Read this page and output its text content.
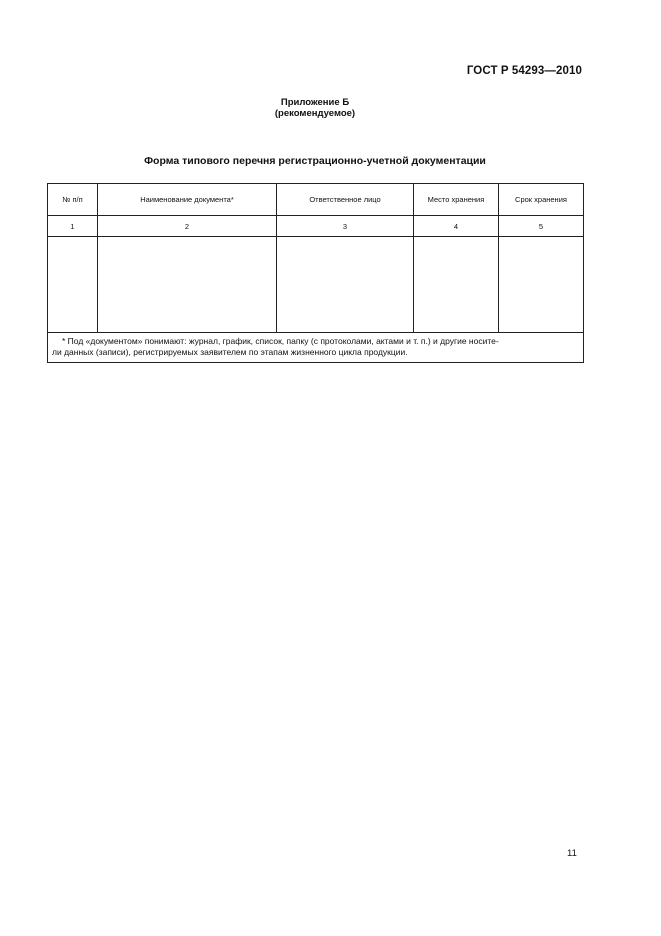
ГОСТ Р 54293—2010
Приложение Б
(рекомендуемое)
Форма типового перечня регистрационно-учетной документации
№ п/п	Наименование документа*	Ответственное лицо	Место хранения	Срок хранения
1	2	3	4	5

* Под «документом» понимают: журнал, график, список, папку (с протоколами, актами и т. п.) и другие носите-
ли данных (записи), регистрируемых заявителем по этапам жизненного цикла продукции.				
11
